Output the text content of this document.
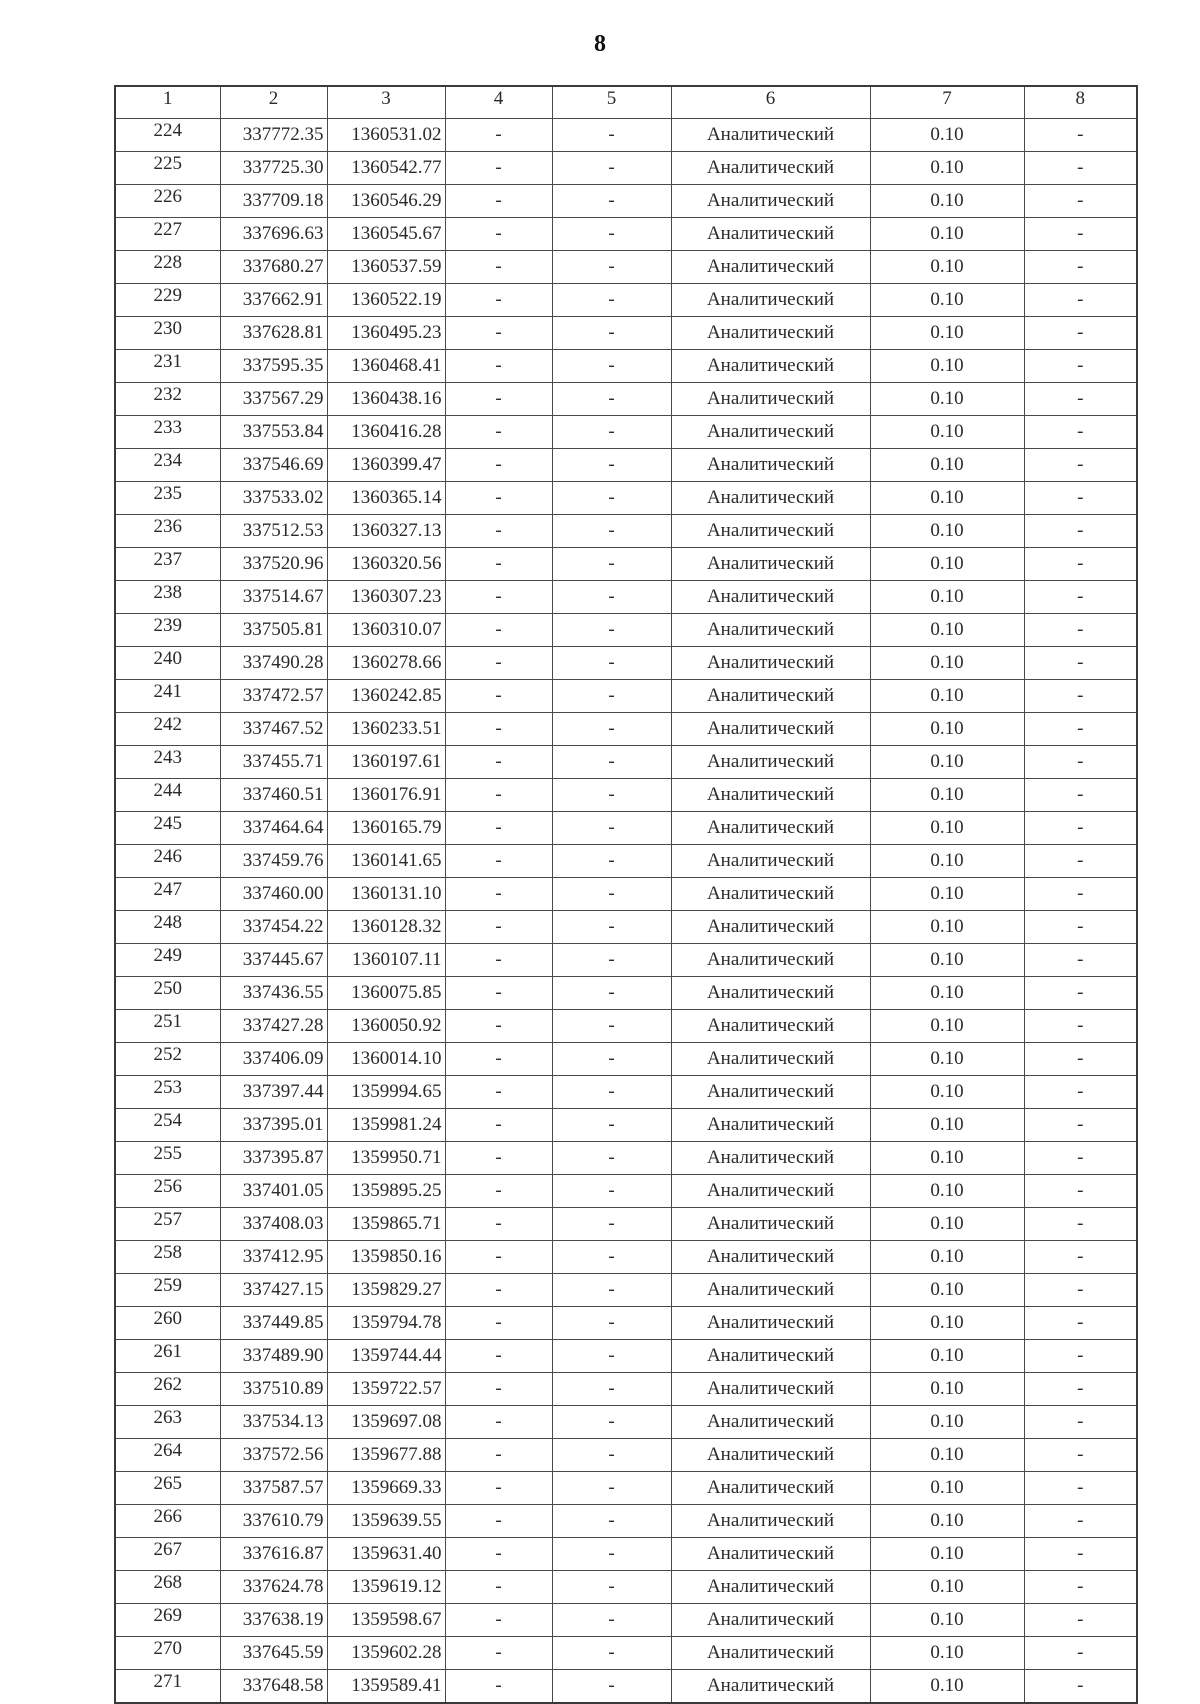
8
1	2	3	4	5	6	7	8
224	337772.35	1360531.02	-	-	Аналитический	0.10	-
225	337725.30	1360542.77	-	-	Аналитический	0.10	-
226	337709.18	1360546.29	-	-	Аналитический	0.10	-
227	337696.63	1360545.67	-	-	Аналитический	0.10	-
228	337680.27	1360537.59	-	-	Аналитический	0.10	-
229	337662.91	1360522.19	-	-	Аналитический	0.10	-
230	337628.81	1360495.23	-	-	Аналитический	0.10	-
231	337595.35	1360468.41	-	-	Аналитический	0.10	-
232	337567.29	1360438.16	-	-	Аналитический	0.10	-
233	337553.84	1360416.28	-	-	Аналитический	0.10	-
234	337546.69	1360399.47	-	-	Аналитический	0.10	-
235	337533.02	1360365.14	-	-	Аналитический	0.10	-
236	337512.53	1360327.13	-	-	Аналитический	0.10	-
237	337520.96	1360320.56	-	-	Аналитический	0.10	-
238	337514.67	1360307.23	-	-	Аналитический	0.10	-
239	337505.81	1360310.07	-	-	Аналитический	0.10	-
240	337490.28	1360278.66	-	-	Аналитический	0.10	-
241	337472.57	1360242.85	-	-	Аналитический	0.10	-
242	337467.52	1360233.51	-	-	Аналитический	0.10	-
243	337455.71	1360197.61	-	-	Аналитический	0.10	-
244	337460.51	1360176.91	-	-	Аналитический	0.10	-
245	337464.64	1360165.79	-	-	Аналитический	0.10	-
246	337459.76	1360141.65	-	-	Аналитический	0.10	-
247	337460.00	1360131.10	-	-	Аналитический	0.10	-
248	337454.22	1360128.32	-	-	Аналитический	0.10	-
249	337445.67	1360107.11	-	-	Аналитический	0.10	-
250	337436.55	1360075.85	-	-	Аналитический	0.10	-
251	337427.28	1360050.92	-	-	Аналитический	0.10	-
252	337406.09	1360014.10	-	-	Аналитический	0.10	-
253	337397.44	1359994.65	-	-	Аналитический	0.10	-
254	337395.01	1359981.24	-	-	Аналитический	0.10	-
255	337395.87	1359950.71	-	-	Аналитический	0.10	-
256	337401.05	1359895.25	-	-	Аналитический	0.10	-
257	337408.03	1359865.71	-	-	Аналитический	0.10	-
258	337412.95	1359850.16	-	-	Аналитический	0.10	-
259	337427.15	1359829.27	-	-	Аналитический	0.10	-
260	337449.85	1359794.78	-	-	Аналитический	0.10	-
261	337489.90	1359744.44	-	-	Аналитический	0.10	-
262	337510.89	1359722.57	-	-	Аналитический	0.10	-
263	337534.13	1359697.08	-	-	Аналитический	0.10	-
264	337572.56	1359677.88	-	-	Аналитический	0.10	-
265	337587.57	1359669.33	-	-	Аналитический	0.10	-
266	337610.79	1359639.55	-	-	Аналитический	0.10	-
267	337616.87	1359631.40	-	-	Аналитический	0.10	-
268	337624.78	1359619.12	-	-	Аналитический	0.10	-
269	337638.19	1359598.67	-	-	Аналитический	0.10	-
270	337645.59	1359602.28	-	-	Аналитический	0.10	-
271	337648.58	1359589.41	-	-	Аналитический	0.10	-
